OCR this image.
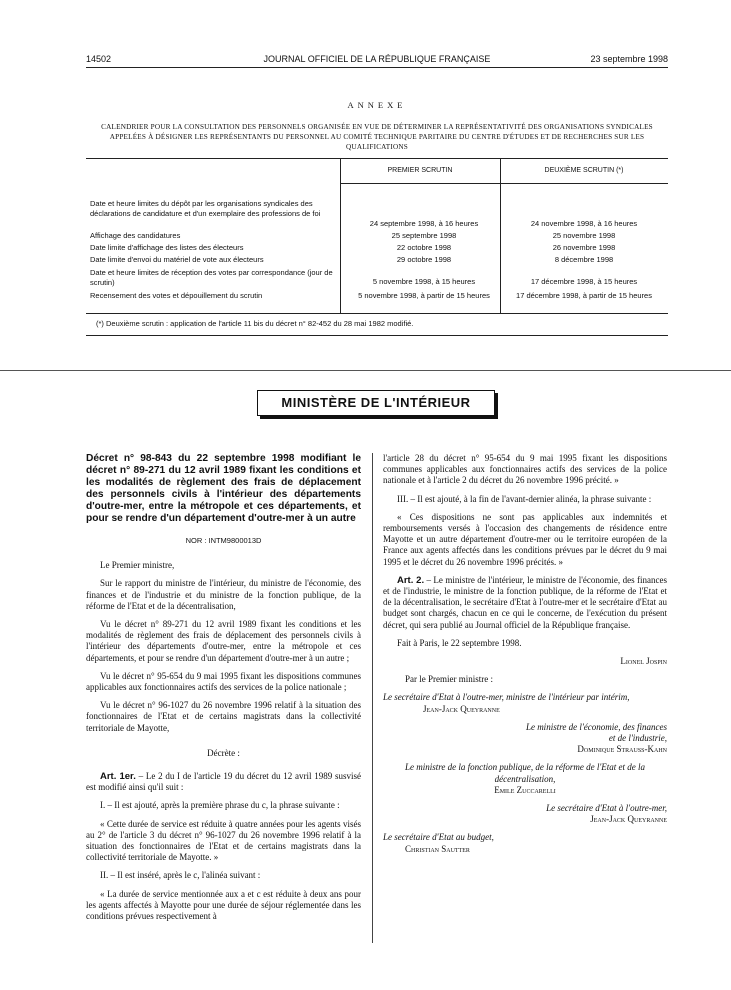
14502	JOURNAL OFFICIEL DE LA RÉPUBLIQUE FRANÇAISE	23 septembre 1998
ANNEXE
CALENDRIER POUR LA CONSULTATION DES PERSONNELS ORGANISÉE EN VUE DE DÉTERMINER LA REPRÉSENTATIVITÉ DES ORGANISATIONS SYNDICALES APPELÉES À DÉSIGNER LES REPRÉSENTANTS DU PERSONNEL AU COMITÉ TECHNIQUE PARITAIRE DU CENTRE D'ÉTUDES ET DE RECHERCHES SUR LES QUALIFICATIONS
PREMIER SCRUTIN	DEUXIÈME SCRUTIN (*)
Date et heure limites du dépôt par les organisations syndicales des déclarations de candidature et d'un exemplaire des professions de foi
24 septembre 1998, à 16 heures	24 novembre 1998, à 16 heures
Affichage des candidatures	25 septembre 1998	25 novembre 1998
Date limite d'affichage des listes des électeurs	22 octobre 1998	26 novembre 1998
Date limite d'envoi du matériel de vote aux électeurs	29 octobre 1998	8 décembre 1998
Date et heure limites de réception des votes par correspondance (jour de scrutin)	5 novembre 1998, à 15 heures	17 décembre 1998, à 15 heures
Recensement des votes et dépouillement du scrutin	5 novembre 1998, à partir de 15 heures	17 décembre 1998, à partir de 15 heures
(*) Deuxième scrutin : application de l'article 11 bis du décret n° 82-452 du 28 mai 1982 modifié.
MINISTÈRE DE L'INTÉRIEUR
Décret n° 98-843 du 22 septembre 1998 modifiant le décret n° 89-271 du 12 avril 1989 fixant les conditions et les modalités de règlement des frais de déplacement des personnels civils à l'intérieur des départements d'outre-mer, entre la métropole et ces départements, et pour se rendre d'un département d'outre-mer à un autre
NOR : INTM9800013D

Le Premier ministre,

Sur le rapport du ministre de l'intérieur, du ministre de l'économie, des finances et de l'industrie et du ministre de la fonction publique, de la réforme de l'Etat et de la décentralisation,

Vu le décret n° 89-271 du 12 avril 1989 fixant les conditions et les modalités de règlement des frais de déplacement des personnels civils à l'intérieur des départements d'outre-mer, entre la métropole et ces départements, et pour se rendre d'un département d'outre-mer à un autre ;

Vu le décret n° 95-654 du 9 mai 1995 fixant les dispositions communes applicables aux fonctionnaires actifs des services de la police nationale ;

Vu le décret n° 96-1027 du 26 novembre 1996 relatif à la situation des fonctionnaires de l'Etat et de certains magistrats dans la collectivité territoriale de Mayotte,

Décrète :

Art. 1er. – Le 2 du I de l'article 19 du décret du 12 avril 1989 susvisé est modifié ainsi qu'il suit :

I. – Il est ajouté, après la première phrase du c, la phrase suivante :

« Cette durée de service est réduite à quatre années pour les agents visés au 2° de l'article 3 du décret n° 96-1027 du 26 novembre 1996 relatif à la situation des fonctionnaires de l'Etat et de certains magistrats dans la collectivité territoriale de Mayotte. »

II. – Il est inséré, après le c, l'alinéa suivant :

« La durée de service mentionnée aux a et c est réduite à deux ans pour les agents affectés à Mayotte pour une durée de séjour réglementée dans les conditions prévues respectivement à

l'article 28 du décret n° 95-654 du 9 mai 1995 fixant les dispositions communes applicables aux fonctionnaires actifs des services de la police nationale et à l'article 2 du décret du 26 novembre 1996 précité. »

III. – Il est ajouté, à la fin de l'avant-dernier alinéa, la phrase suivante :

« Ces dispositions ne sont pas applicables aux indemnités et remboursements versés à l'occasion des changements de résidence entre Mayotte et un autre département d'outre-mer ou le territoire européen de la France aux agents affectés dans les conditions prévues par le décret du 9 mai 1995 et le décret du 26 novembre 1996 précités. »

Art. 2. – Le ministre de l'intérieur, le ministre de l'économie, des finances et de l'industrie, le ministre de la fonction publique, de la réforme de l'Etat et de la décentralisation, le secrétaire d'Etat à l'outre-mer et le secrétaire d'Etat au budget sont chargés, chacun en ce qui le concerne, de l'exécution du présent décret, qui sera publié au Journal officiel de la République française.

Fait à Paris, le 22 septembre 1998.

Lionel Jospin

Par le Premier ministre :

Le secrétaire d'Etat à l'outre-mer, ministre de l'intérieur par intérim,

Jean-Jack Queyranne

Le ministre de l'économie, des finances et de l'industrie,

Dominique Strauss-Kahn

Le ministre de la fonction publique, de la réforme de l'Etat et de la décentralisation,

Emile Zuccarelli

Le secrétaire d'Etat à l'outre-mer,

Jean-Jack Queyranne

Le secrétaire d'Etat au budget,

Christian Sautter
